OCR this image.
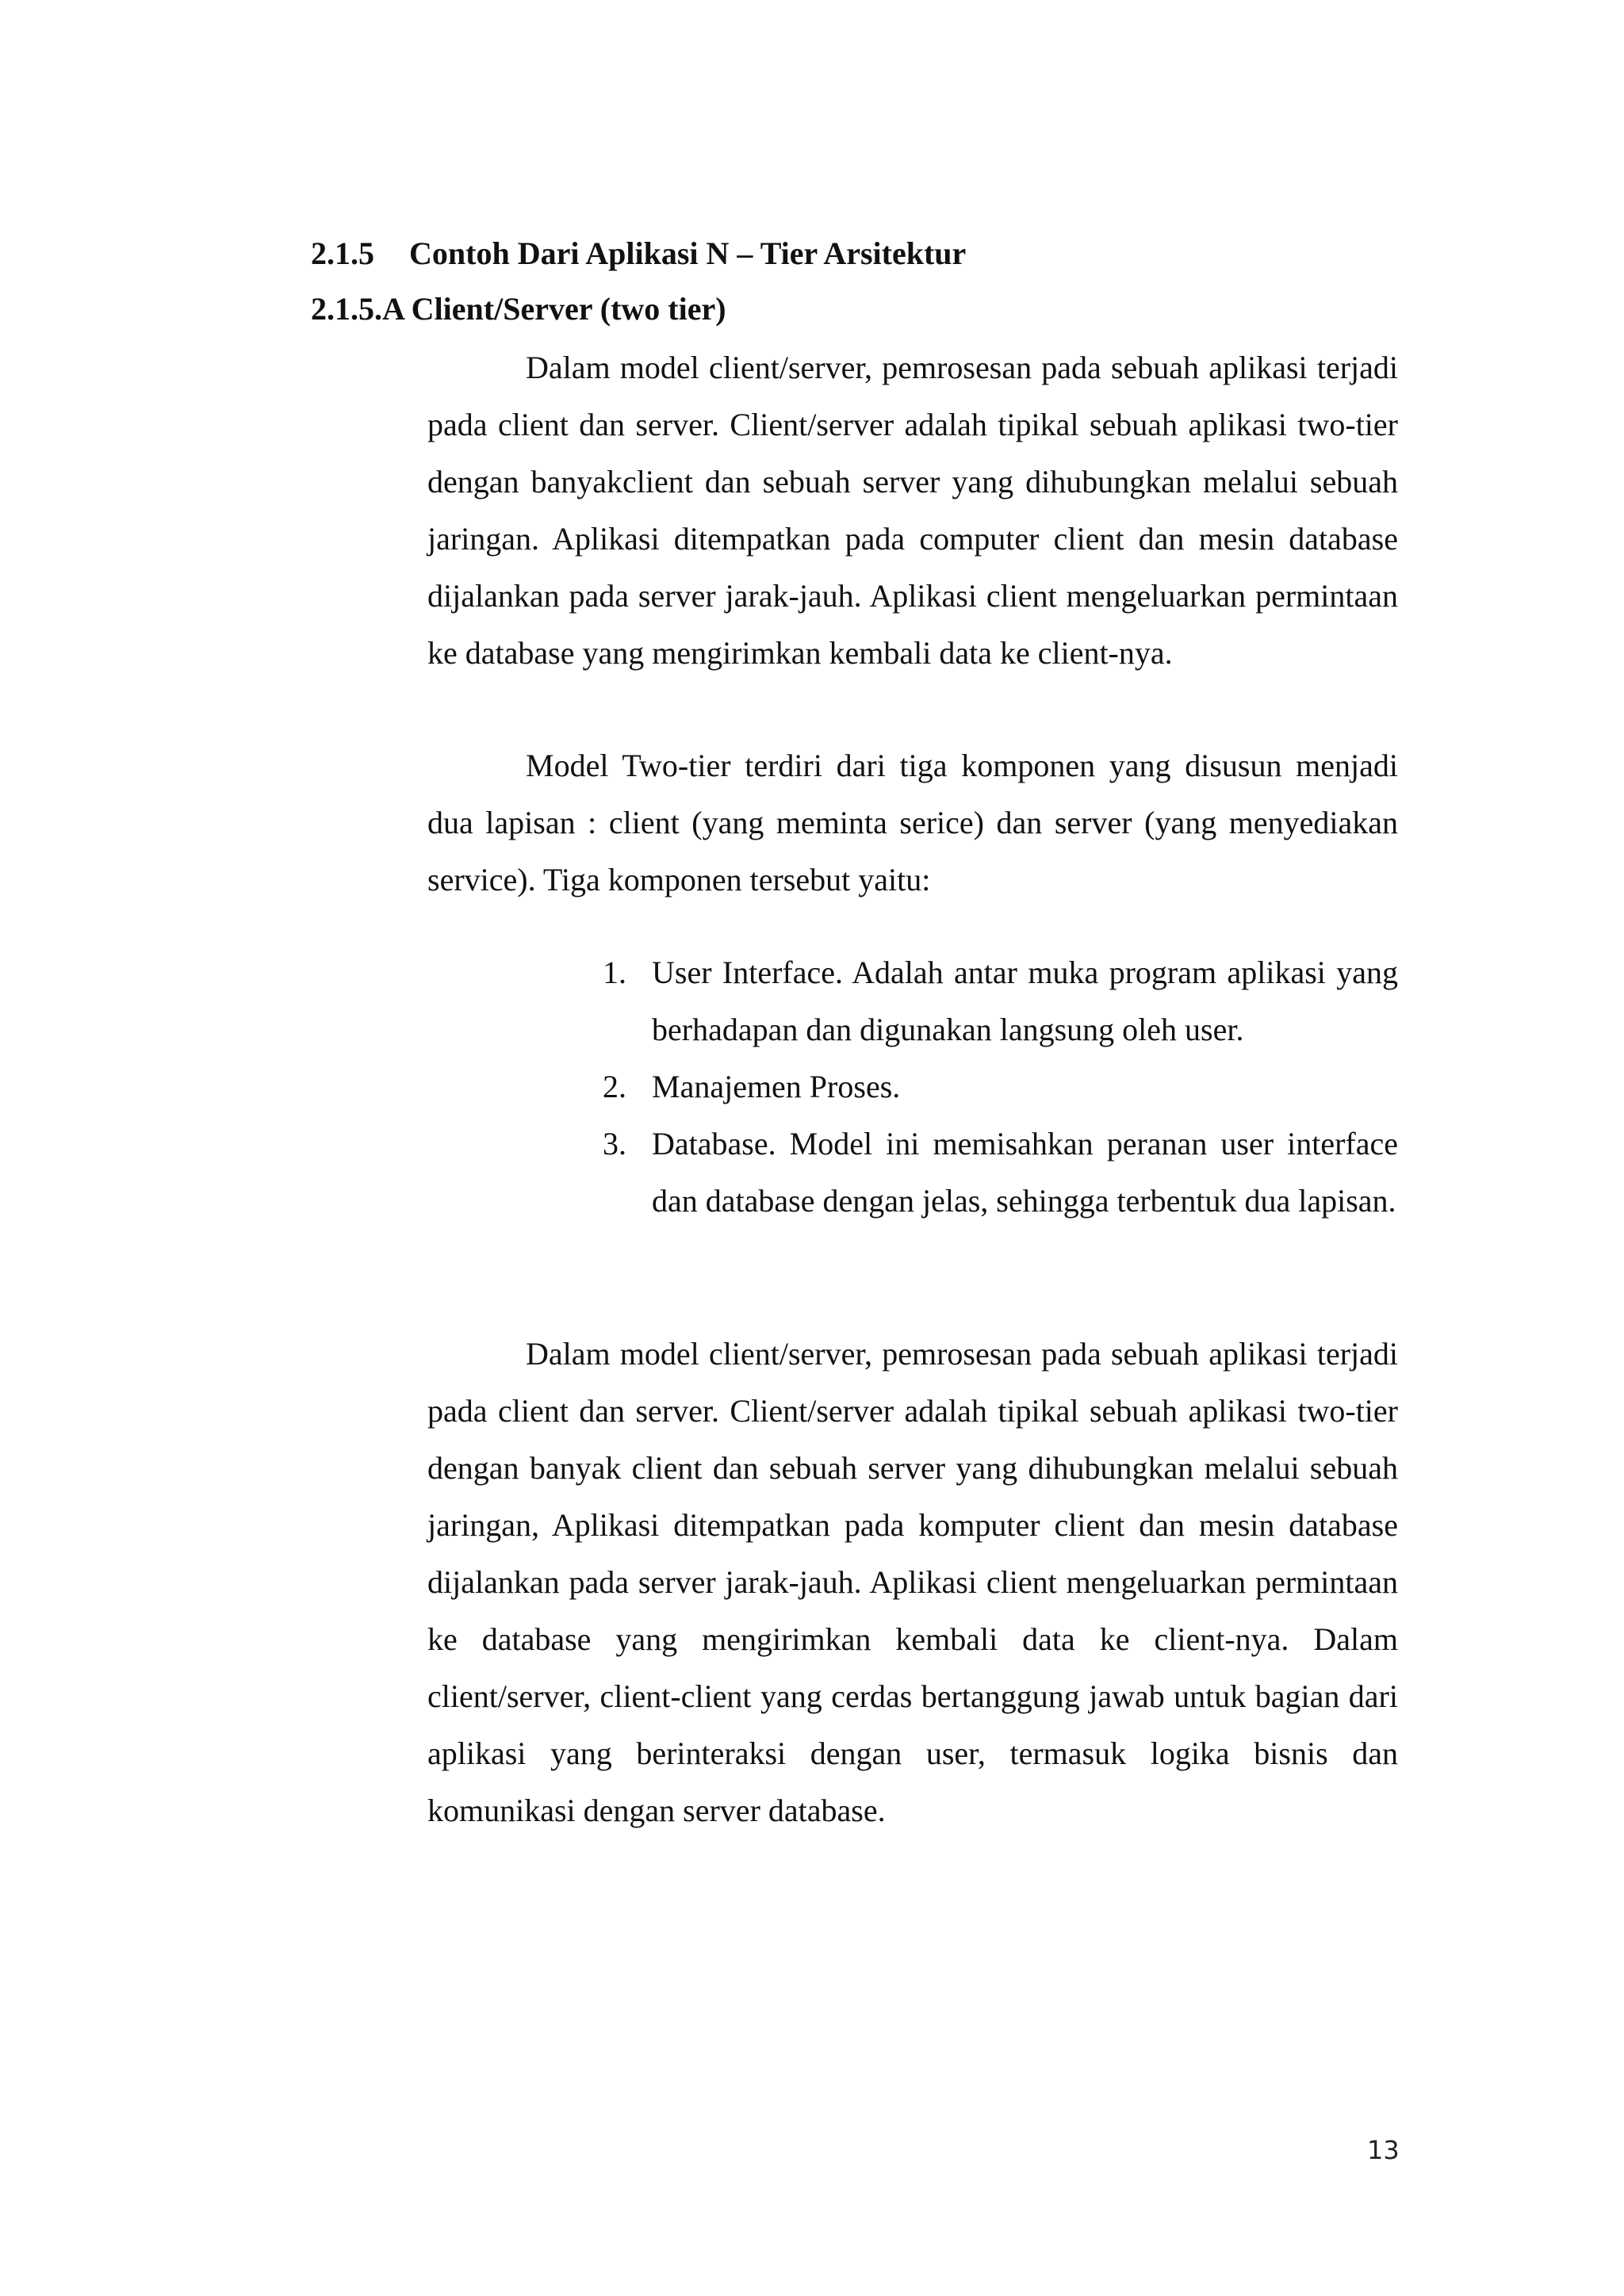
2.1.5 Contoh Dari Aplikasi N – Tier Arsitektur
2.1.5.A Client/Server (two tier)

Dalam model client/server, pemrosesan pada sebuah aplikasi terjadi pada client dan server. Client/server adalah tipikal sebuah aplikasi two-tier dengan banyakclient dan sebuah server yang dihubungkan melalui sebuah jaringan. Aplikasi ditempatkan pada computer client dan mesin database dijalankan pada server jarak-jauh. Aplikasi client mengeluarkan permintaan ke database yang mengirimkan kembali data ke client-nya.

Model Two-tier terdiri dari tiga komponen yang disusun menjadi dua lapisan : client (yang meminta serice) dan server (yang menyediakan service). Tiga komponen tersebut yaitu:

1. User Interface. Adalah antar muka program aplikasi yang berhadapan dan digunakan langsung oleh user.
2. Manajemen Proses.
3. Database. Model ini memisahkan peranan user interface dan database dengan jelas, sehingga terbentuk dua lapisan.

Dalam model client/server, pemrosesan pada sebuah aplikasi terjadi pada client dan server. Client/server adalah tipikal sebuah aplikasi two-tier dengan banyak client dan sebuah server yang dihubungkan melalui sebuah jaringan, Aplikasi ditempatkan pada komputer client dan mesin database dijalankan pada server jarak-jauh. Aplikasi client mengeluarkan permintaan ke database yang mengirimkan kembali data ke client-nya. Dalam client/server, client-client yang cerdas bertanggung jawab untuk bagian dari aplikasi yang berinteraksi dengan user, termasuk logika bisnis dan komunikasi dengan server database.

13
